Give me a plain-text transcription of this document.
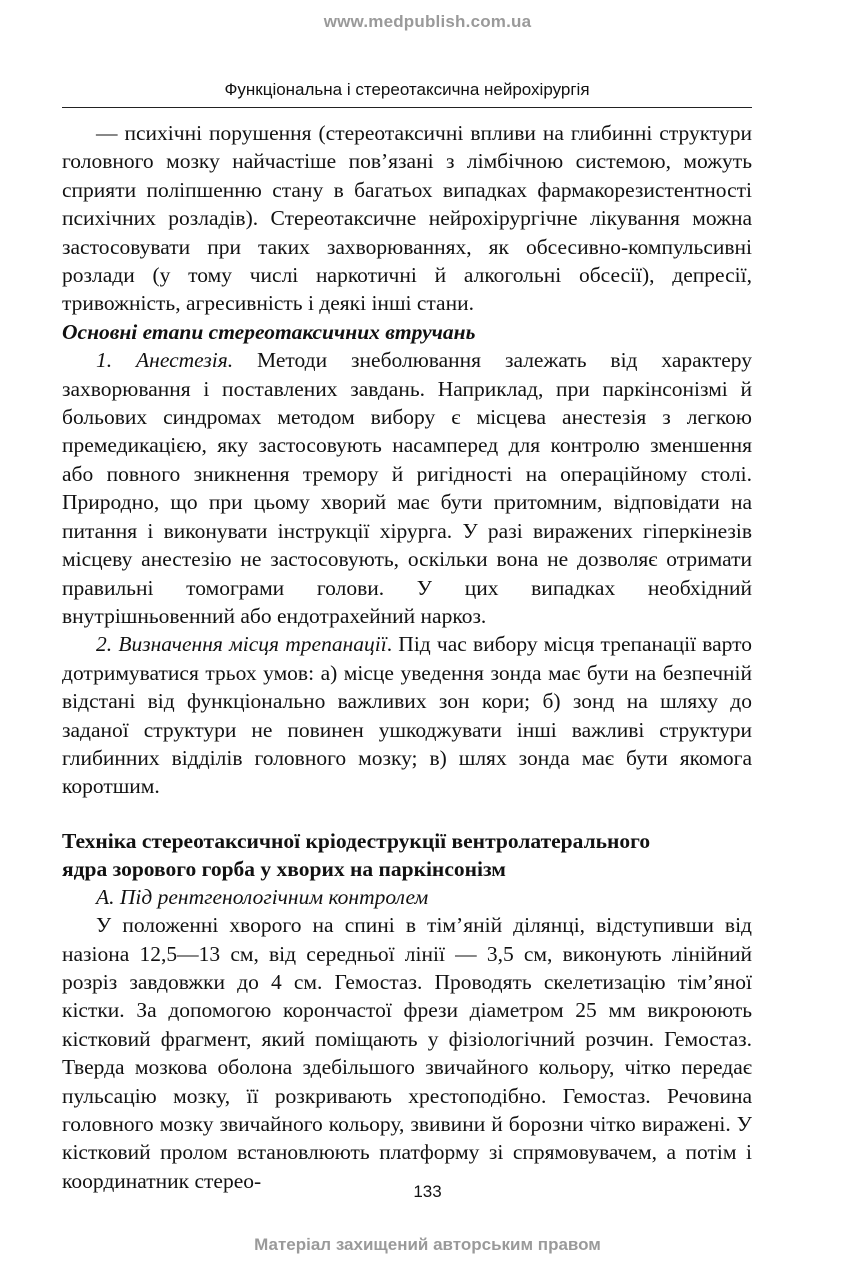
www.medpublish.com.ua
Функціональна і стереотаксична нейрохірургія

— психічні порушення (стереотаксичні впливи на глибинні структури головного мозку найчастіше пов’язані з лімбічною системою, можуть сприяти поліпшенню стану в багатьох випадках фармакорезистентності психічних розладів). Стереотаксичне нейрохірургічне лікування можна застосовувати при таких захворюваннях, як обсесивно-компульсивні розлади (у тому числі наркотичні й алкогольні обсесії), депресії, тривожність, агресивність і деякі інші стани.

Основні етапи стереотаксичних втручань

1. Анестезія. Методи знеболювання залежать від характеру захворювання і поставлених завдань. Наприклад, при паркінсонізмі й больових синдромах методом вибору є місцева анестезія з легкою премедикацією, яку застосовують насамперед для контролю зменшення або повного зникнення тремору й ригідності на операційному столі. Природно, що при цьому хворий має бути притомним, відповідати на питання і виконувати інструкції хірурга. У разі виражених гіперкінезів місцеву анестезію не застосовують, оскільки вона не дозволяє отримати правильні томограми голови. У цих випадках необхідний внутрішньовенний або ендотрахейний наркоз.

2. Визначення місця трепанації. Під час вибору місця трепанації варто дотримуватися трьох умов: а) місце уведення зонда має бути на безпечній відстані від функціонально важливих зон кори; б) зонд на шляху до заданої структури не повинен ушкоджувати інші важливі структури глибинних відділів головного мозку; в) шлях зонда має бути якомога коротшим.

Техніка стереотаксичної кріодеструкції вентролатерального
ядра зорового горба у хворих на паркінсонізм

А. Під рентгенологічним контролем

У положенні хворого на спині в тім’яній ділянці, відступивши від назіона 12,5—13 см, від середньої лінії — 3,5 см, виконують лінійний розріз завдовжки до 4 см. Гемостаз. Проводять скелетизацію тім’яної кістки. За допомогою корончастої фрези діаметром 25 мм викроюють кістковий фрагмент, який поміщають у фізіологічний розчин. Гемостаз. Тверда мозкова оболона здебільшого звичайного кольору, чітко передає пульсацію мозку, її розкривають хрестоподібно. Гемостаз. Речовина головного мозку звичайного кольору, звивини й борозни чітко виражені. У кістковий пролом встановлюють платформу зі спрямовувачем, а потім і координатник стерео-	133
Матеріал захищений авторським правом
